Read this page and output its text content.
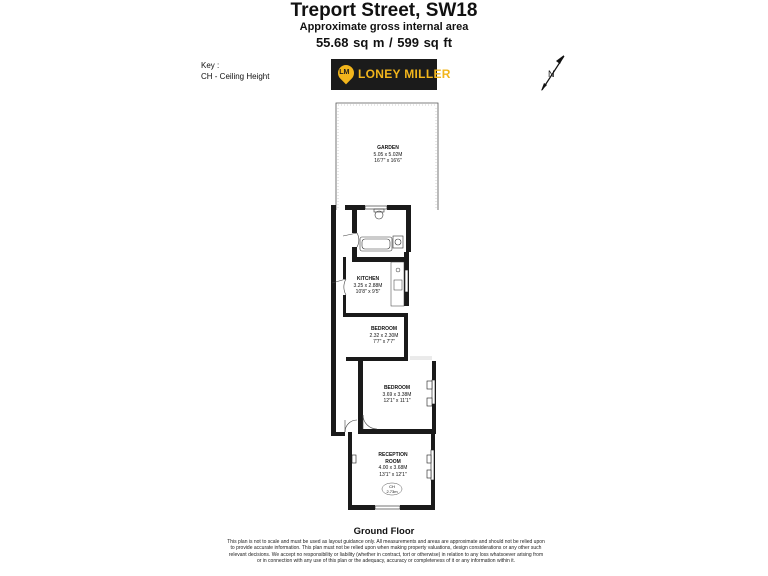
Treport Street, SW18
Approximate gross internal area
55.68 sq m / 599 sq ft
Key :
CH - Ceiling Height	LM LONEY MILLER	N
GARDEN
5.05 x 5.02M
16'7" x 16'6"
KITCHEN
3.25 x 2.88M
10'8" x 9'5"
BEDROOM
2.32 x 2.30M
7'7" x 7'7"
BEDROOM
3.69 x 3.38M
12'1" x 11'1"
RECEPTION
ROOM
4.00 x 3.68M
13'1" x 12'1"
CH
2.73m
Ground Floor
This plan is not to scale and must be used as layout guidance only. All measurements and areas are approximate and should not be relied upon to provide accurate information. This plan must not be relied upon when making property valuations, design considerations or any other such relevant decisions. We accept no responsibility or liability (whether in contract, tort or otherwise) in relation to any loss whatsoever arising from or in connection with any use of this plan or the adequacy, accuracy or completeness of it or any information within it.
